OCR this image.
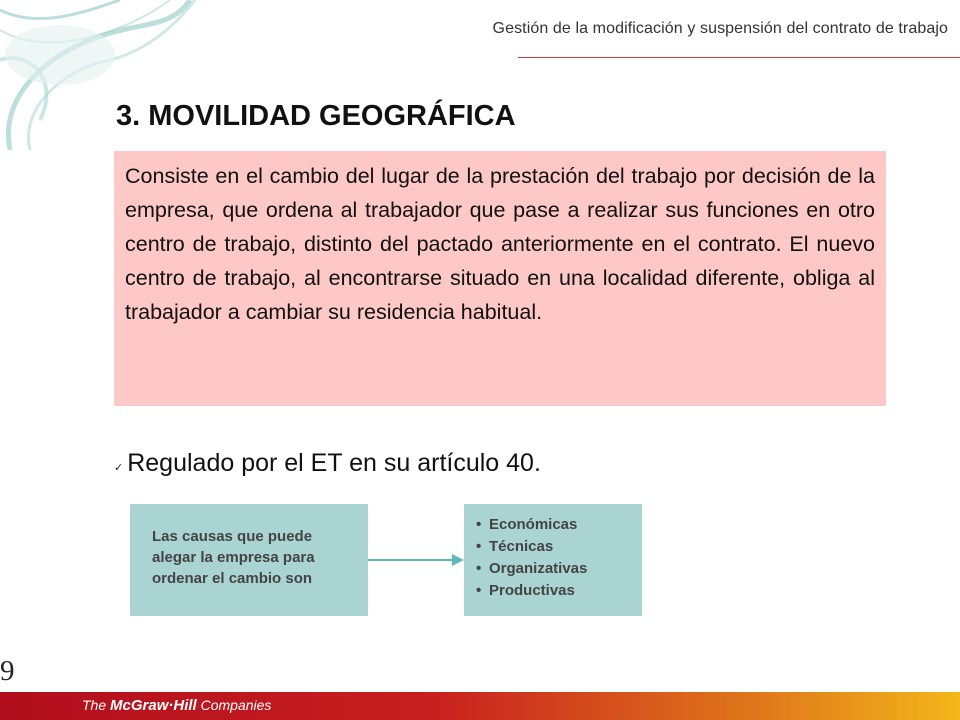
Gestión de la modificación y suspensión del contrato de trabajo
3. MOVILIDAD GEOGRÁFICA

Consiste en el cambio del lugar de la prestación del trabajo por decisión de la empresa, que ordena al trabajador que pase a realizar sus funciones en otro centro de trabajo, distinto del pactado anteriormente en el contrato. El nuevo centro de trabajo, al encontrarse situado en una localidad diferente, obliga al trabajador a cambiar su residencia habitual.

✓ Regulado por el ET en su artículo 40.
Las causas que puede
alegar la empresa para
ordenar el cambio son
• Económicas
• Técnicas
• Organizativas
• Productivas
9
The McGraw·Hill Companies
